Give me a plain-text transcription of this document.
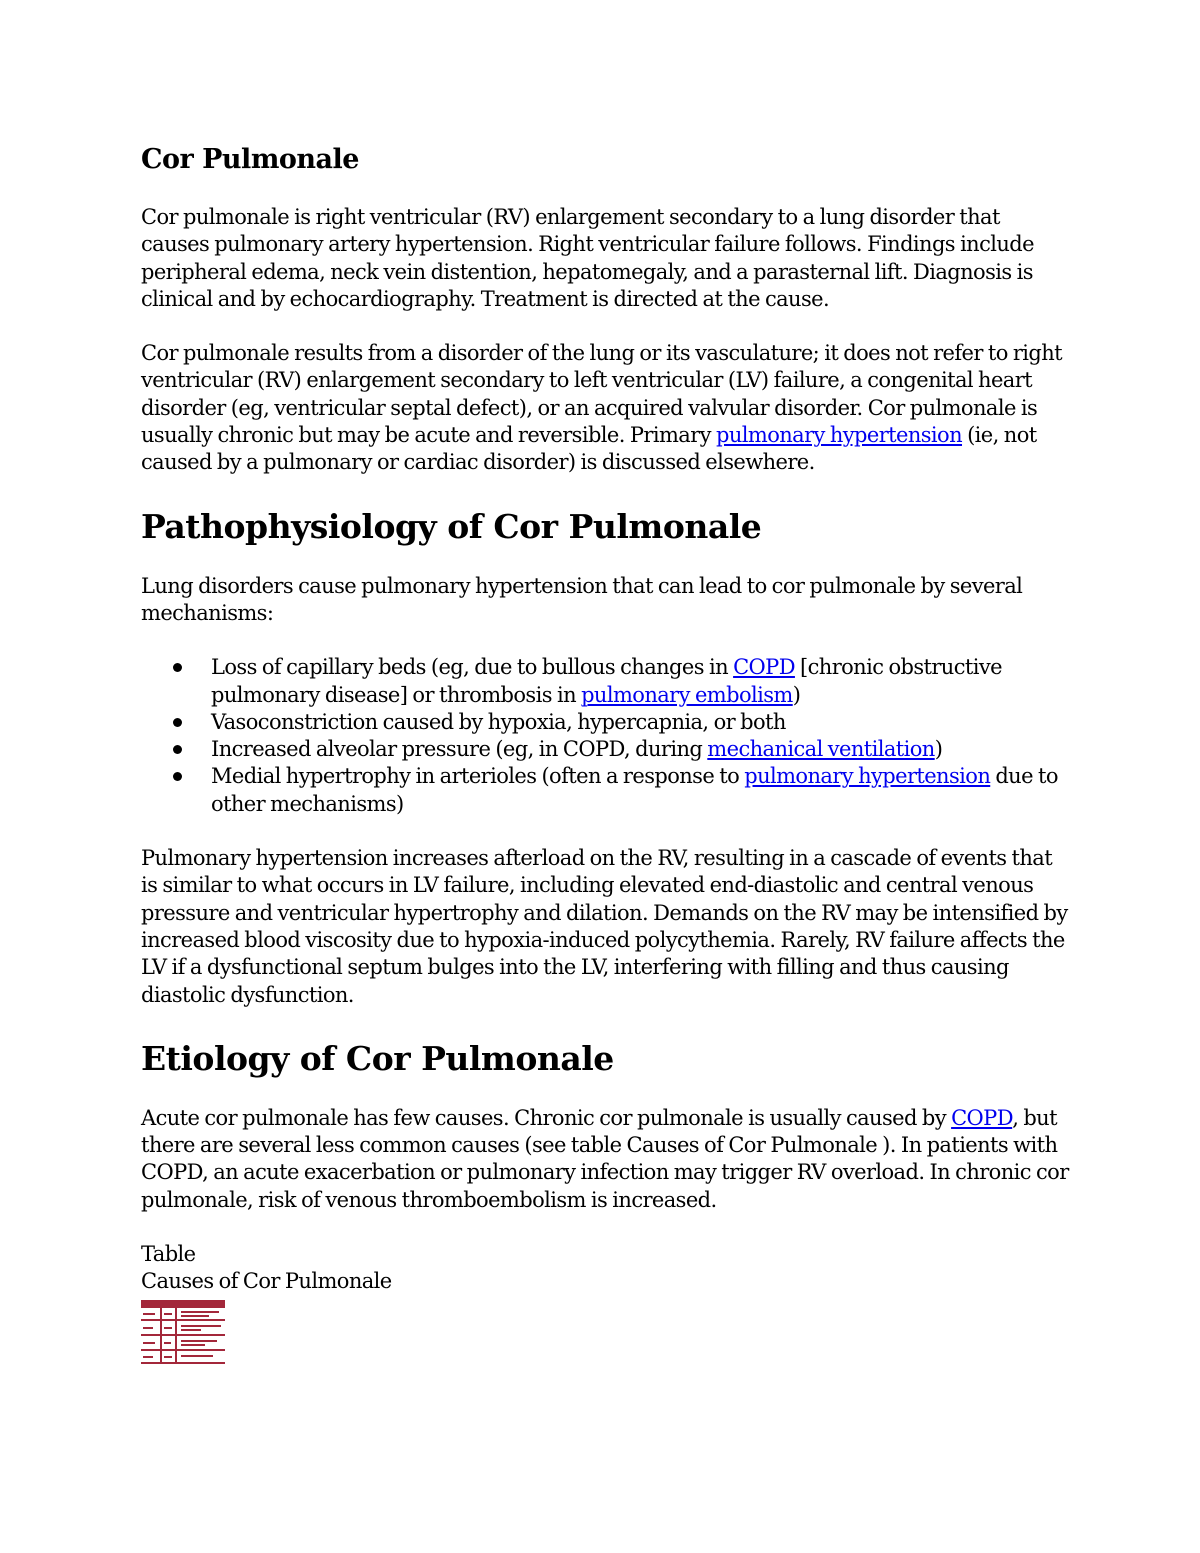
Cor Pulmonale

Cor pulmonale is right ventricular (RV) enlargement secondary to a lung disorder that causes pulmonary artery hypertension. Right ventricular failure follows. Findings include peripheral edema, neck vein distention, hepatomegaly, and a parasternal lift. Diagnosis is clinical and by echocardiography. Treatment is directed at the cause.

Cor pulmonale results from a disorder of the lung or its vasculature; it does not refer to right ventricular (RV) enlargement secondary to left ventricular (LV) failure, a congenital heart disorder (eg, ventricular septal defect), or an acquired valvular disorder. Cor pulmonale is usually chronic but may be acute and reversible. Primary pulmonary hypertension (ie, not caused by a pulmonary or cardiac disorder) is discussed elsewhere.

Pathophysiology of Cor Pulmonale

Lung disorders cause pulmonary hypertension that can lead to cor pulmonale by several mechanisms:

Loss of capillary beds (eg, due to bullous changes in COPD [chronic obstructive pulmonary disease] or thrombosis in pulmonary embolism)
Vasoconstriction caused by hypoxia, hypercapnia, or both
Increased alveolar pressure (eg, in COPD, during mechanical ventilation)
Medial hypertrophy in arterioles (often a response to pulmonary hypertension due to other mechanisms)

Pulmonary hypertension increases afterload on the RV, resulting in a cascade of events that is similar to what occurs in LV failure, including elevated end-diastolic and central venous pressure and ventricular hypertrophy and dilation. Demands on the RV may be intensified by increased blood viscosity due to hypoxia-induced polycythemia. Rarely, RV failure affects the LV if a dysfunctional septum bulges into the LV, interfering with filling and thus causing diastolic dysfunction.

Etiology of Cor Pulmonale

Acute cor pulmonale has few causes. Chronic cor pulmonale is usually caused by COPD, but there are several less common causes (see table Causes of Cor Pulmonale ). In patients with COPD, an acute exacerbation or pulmonary infection may trigger RV overload. In chronic cor pulmonale, risk of venous thromboembolism is increased.

Table

Causes of Cor Pulmonale
